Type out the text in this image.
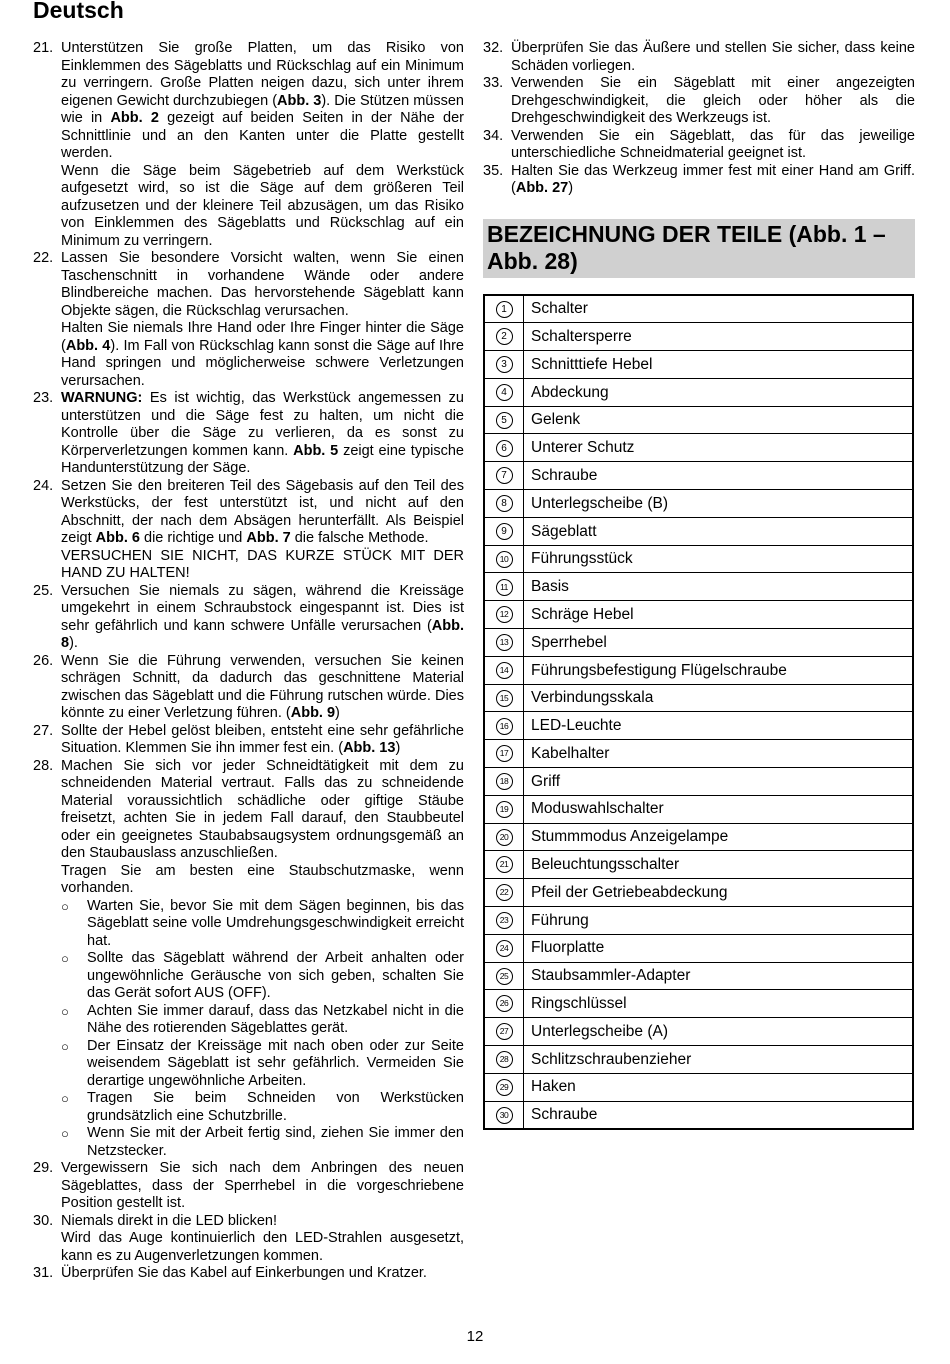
Deutsch
21. Unterstützen Sie große Platten, um das Risiko von Einklemmen des Sägeblatts und Rückschlag auf ein Minimum zu verringern. Große Platten neigen dazu, sich unter ihrem eigenen Gewicht durchzubiegen (Abb. 3). Die Stützen müssen wie in Abb. 2 gezeigt auf beiden Seiten in der Nähe der Schnittlinie und an den Kanten unter die Platte gestellt werden.

Wenn die Säge beim Sägebetrieb auf dem Werkstück aufgesetzt wird, so ist die Säge auf dem größeren Teil aufzusetzen und der kleinere Teil abzusägen, um das Risiko von Einklemmen des Sägeblatts und Rückschlag auf ein Minimum zu verringern.

22. Lassen Sie besondere Vorsicht walten, wenn Sie einen Taschenschnitt in vorhandene Wände oder andere Blindbereiche machen. Das hervorstehende Sägeblatt kann Objekte sägen, die Rückschlag verursachen.

Halten Sie niemals Ihre Hand oder Ihre Finger hinter die Säge (Abb. 4). Im Fall von Rückschlag kann sonst die Säge auf Ihre Hand springen und möglicherweise schwere Verletzungen verursachen.

23. WARNUNG: Es ist wichtig, das Werkstück angemessen zu unterstützen und die Säge fest zu halten, um nicht die Kontrolle über die Säge zu verlieren, da es sonst zu Körperverletzungen kommen kann. Abb. 5 zeigt eine typische Handunterstützung der Säge.

24. Setzen Sie den breiteren Teil des Sägebasis auf den Teil des Werkstücks, der fest unterstützt ist, und nicht auf den Abschnitt, der nach dem Absägen herunterfällt. Als Beispiel zeigt Abb. 6 die richtige und Abb. 7 die falsche Methode.

VERSUCHEN SIE NICHT, DAS KURZE STÜCK MIT DER HAND ZU HALTEN!

25. Versuchen Sie niemals zu sägen, während die Kreissäge umgekehrt in einem Schraubstock eingespannt ist. Dies ist sehr gefährlich und kann schwere Unfälle verursachen (Abb. 8).

26. Wenn Sie die Führung verwenden, versuchen Sie keinen schrägen Schnitt, da dadurch das geschnittene Material zwischen das Sägeblatt und die Führung rutschen würde. Dies könnte zu einer Verletzung führen. (Abb. 9)

27. Sollte der Hebel gelöst bleiben, entsteht eine sehr gefährliche Situation. Klemmen Sie ihn immer fest ein. (Abb. 13)

28. Machen Sie sich vor jeder Schneidtätigkeit mit dem zu schneidenden Material vertraut. Falls das zu schneidende Material voraussichtlich schädliche oder giftige Stäube freisetzt, achten Sie in jedem Fall darauf, den Staubbeutel oder ein geeignetes Staubabsaugsystem ordnungsgemäß an den Staubauslass anzuschließen.

Tragen Sie am besten eine Staubschutzmaske, wenn vorhanden.

○	Warten Sie, bevor Sie mit dem Sägen beginnen, bis das Sägeblatt seine volle Umdrehungsgeschwindigkeit erreicht hat.
○	Sollte das Sägeblatt während der Arbeit anhalten oder ungewöhnliche Geräusche von sich geben, schalten Sie das Gerät sofort AUS (OFF).
○	Achten Sie immer darauf, dass das Netzkabel nicht in die Nähe des rotierenden Sägeblattes gerät.
○	Der Einsatz der Kreissäge mit nach oben oder zur Seite weisendem Sägeblatt ist sehr gefährlich. Vermeiden Sie derartige ungewöhnliche Arbeiten.
○	Tragen Sie beim Schneiden von Werkstücken grundsätzlich eine Schutzbrille.
○	Wenn Sie mit der Arbeit fertig sind, ziehen Sie immer den Netzstecker.
29. Vergewissern Sie sich nach dem Anbringen des neuen Sägeblattes, dass der Sperrhebel in die vorgeschriebene Position gestellt ist.

30. Niemals direkt in die LED blicken!

Wird das Auge kontinuierlich den LED-Strahlen ausgesetzt, kann es zu Augenverletzungen kommen.

31. Überprüfen Sie das Kabel auf Einkerbungen und Kratzer.

32. Überprüfen Sie das Äußere und stellen Sie sicher, dass keine Schäden vorliegen.

33. Verwenden Sie ein Sägeblatt mit einer angezeigten Drehgeschwindigkeit, die gleich oder höher als die Drehgeschwindigkeit des Werkzeugs ist.

34. Verwenden Sie ein Sägeblatt, das für das jeweilige unterschiedliche Schneidmaterial geeignet ist.

35. Halten Sie das Werkzeug immer fest mit einer Hand am Griff. (Abb. 27)

BEZEICHNUNG DER TEILE (Abb. 1 – Abb. 28)
1	Schalter
2	Schaltersperre
3	Schnitttiefe Hebel
4	Abdeckung
5	Gelenk
6	Unterer Schutz
7	Schraube
8	Unterlegscheibe (B)
9	Sägeblatt
10	Führungsstück
11	Basis
12	Schräge Hebel
13	Sperrhebel
14	Führungsbefestigung Flügelschraube
15	Verbindungsskala
16	LED-Leuchte
17	Kabelhalter
18	Griff
19	Moduswahlschalter
20	Stummmodus Anzeigelampe
21	Beleuchtungsschalter
22	Pfeil der Getriebeabdeckung
23	Führung
24	Fluorplatte
25	Staubsammler-Adapter
26	Ringschlüssel
27	Unterlegscheibe (A)
28	Schlitzschraubenzieher
29	Haken
30	Schraube
12
